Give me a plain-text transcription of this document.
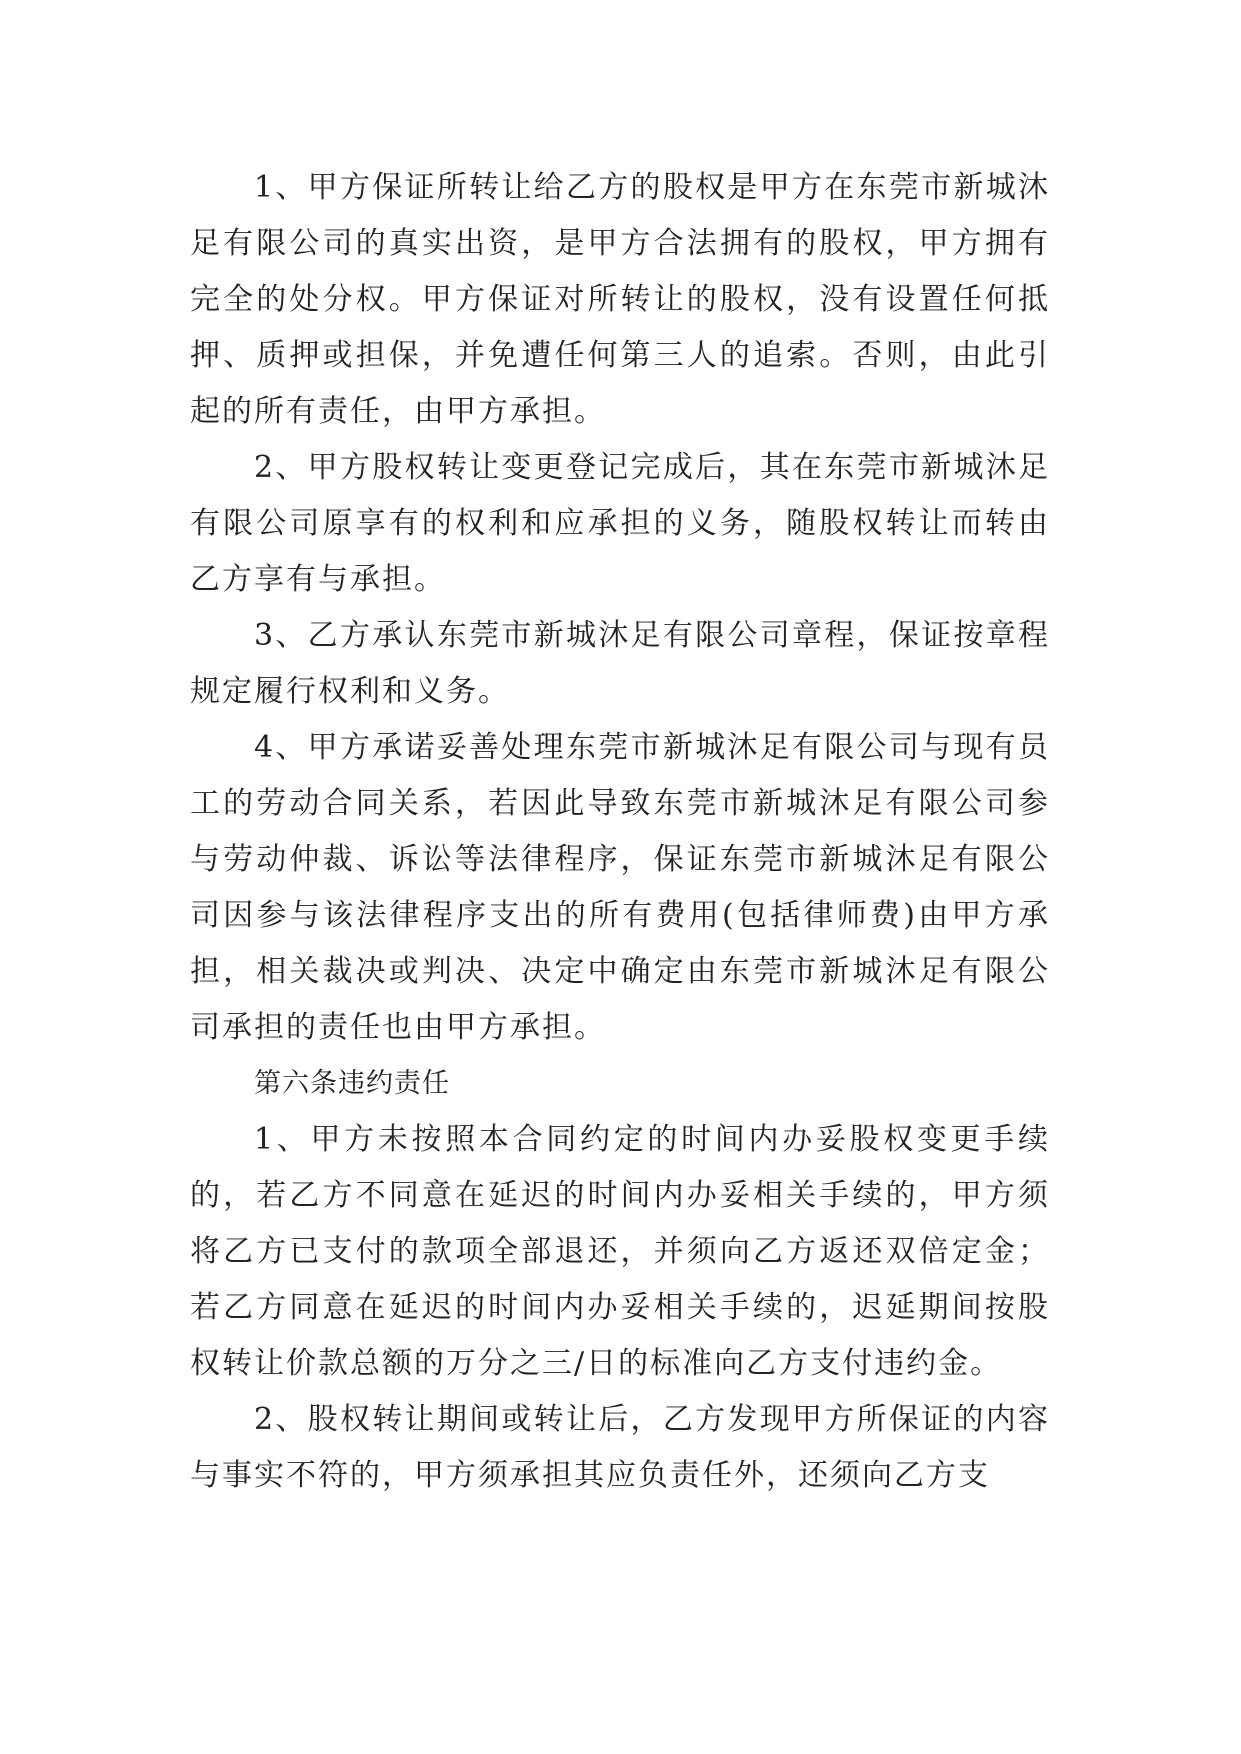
1、甲方保证所转让给乙方的股权是甲方在东莞市新城沐足有限公司的真实出资，是甲方合法拥有的股权，甲方拥有完全的处分权。甲方保证对所转让的股权，没有设置任何抵押、质押或担保，并免遭任何第三人的追索。否则，由此引起的所有责任，由甲方承担。

2、甲方股权转让变更登记完成后，其在东莞市新城沐足有限公司原享有的权利和应承担的义务，随股权转让而转由乙方享有与承担。

3、乙方承认东莞市新城沐足有限公司章程，保证按章程规定履行权利和义务。

4、甲方承诺妥善处理东莞市新城沐足有限公司与现有员工的劳动合同关系，若因此导致东莞市新城沐足有限公司参与劳动仲裁、诉讼等法律程序，保证东莞市新城沐足有限公司因参与该法律程序支出的所有费用(包括律师费)由甲方承担，相关裁决或判决、决定中确定由东莞市新城沐足有限公司承担的责任也由甲方承担。

第六条违约责任

1、甲方未按照本合同约定的时间内办妥股权变更手续的，若乙方不同意在延迟的时间内办妥相关手续的，甲方须将乙方已支付的款项全部退还，并须向乙方返还双倍定金；若乙方同意在延迟的时间内办妥相关手续的，迟延期间按股权转让价款总额的万分之三/日的标准向乙方支付违约金。

2、股权转让期间或转让后，乙方发现甲方所保证的内容与事实不符的，甲方须承担其应负责任外，还须向乙方支
